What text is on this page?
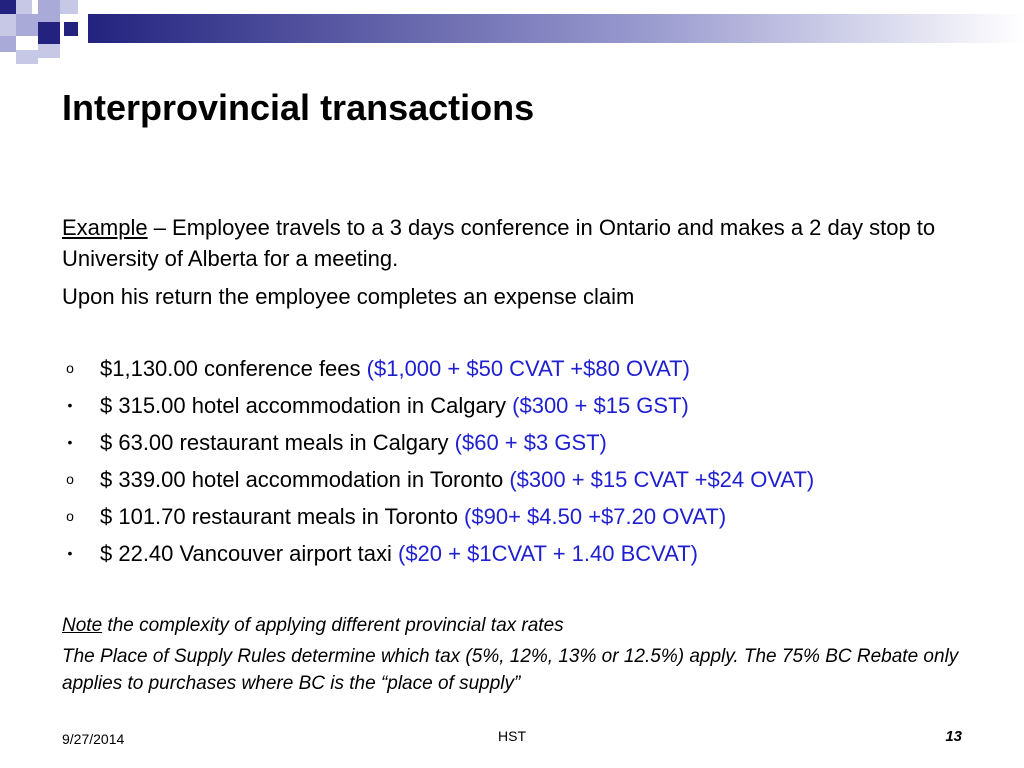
Interprovincial transactions

Example – Employee travels to a 3 days conference in Ontario and makes a 2 day stop to University of Alberta for a meeting.

Upon his return the employee completes an expense claim

o $1,130.00 conference fees ($1,000 + $50 CVAT +$80 OVAT)
• $ 315.00 hotel accommodation in Calgary ($300 + $15 GST)
• $ 63.00 restaurant meals in Calgary ($60 + $3 GST)
o $ 339.00 hotel accommodation in Toronto ($300 + $15 CVAT +$24 OVAT)
o $ 101.70 restaurant meals in Toronto ($90+ $4.50 +$7.20 OVAT)
• $ 22.40 Vancouver airport taxi ($20 + $1CVAT + 1.40 BCVAT)

Note the complexity of applying different provincial tax rates

The Place of Supply Rules determine which tax (5%, 12%, 13% or 12.5%) apply. The 75% BC Rebate only applies to purchases where BC is the “place of supply”

9/27/2014	HST	13
